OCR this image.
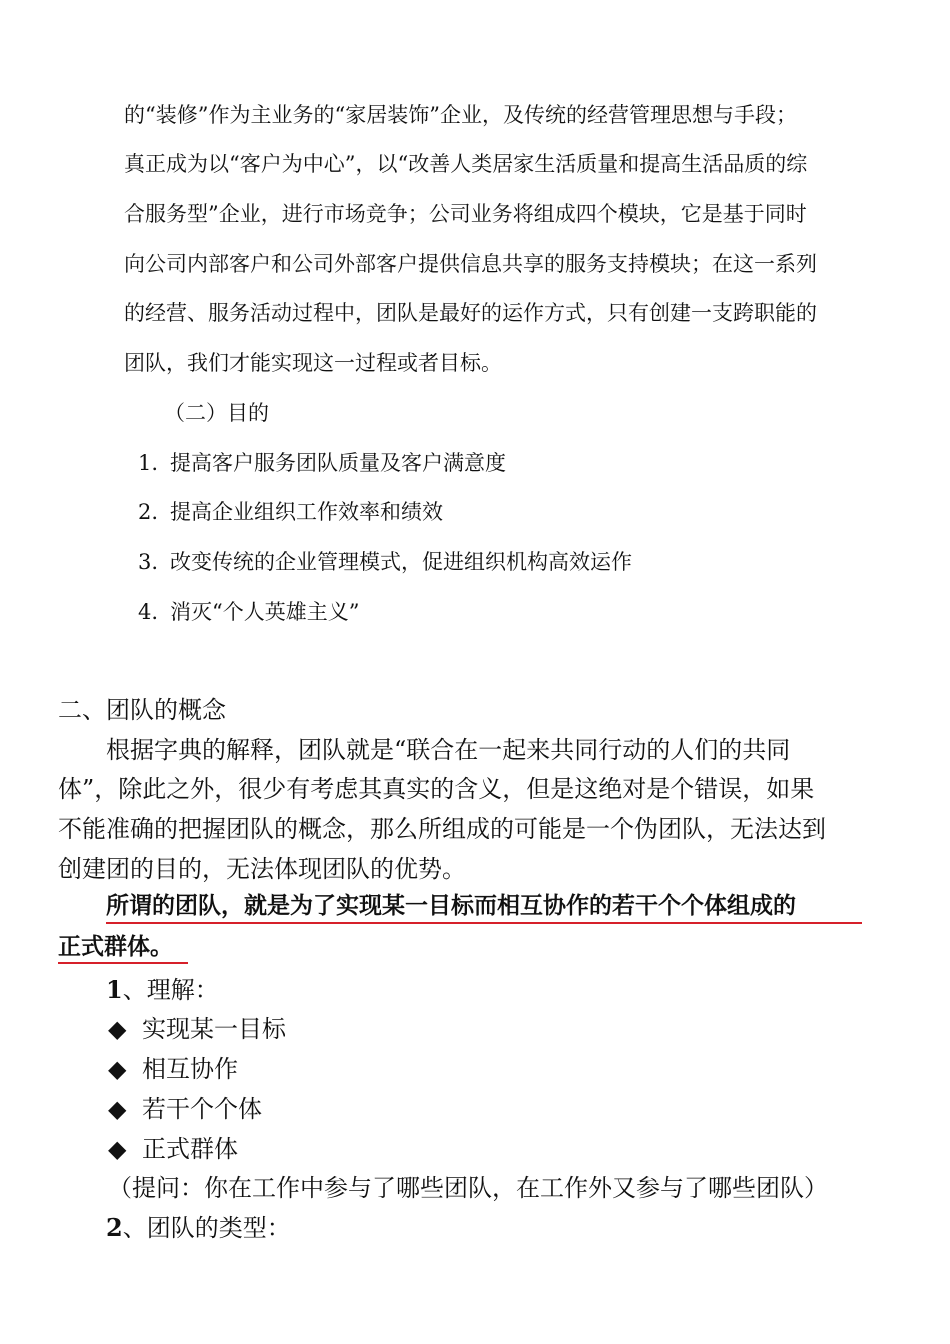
的“装修”作为主业务的“家居装饰”企业，及传统的经营管理思想与手段；
真正成为以“客户为中心”，以“改善人类居家生活质量和提高生活品质的综
合服务型”企业，进行市场竞争；公司业务将组成四个模块，它是基于同时
向公司内部客户和公司外部客户提供信息共享的服务支持模块；在这一系列
的经营、服务活动过程中，团队是最好的运作方式，只有创建一支跨职能的
团队，我们才能实现这一过程或者目标。
（二）目的
1. 提高客户服务团队质量及客户满意度
2. 提高企业组织工作效率和绩效
3. 改变传统的企业管理模式，促进组织机构高效运作
4. 消灭“个人英雄主义”
二、团队的概念
根据字典的解释，团队就是“联合在一起来共同行动的人们的共同
体”，除此之外，很少有考虑其真实的含义，但是这绝对是个错误，如果
不能准确的把握团队的概念，那么所组成的可能是一个伪团队，无法达到
创建团的目的，无法体现团队的优势。
所谓的团队，就是为了实现某一目标而相互协作的若干个个体组成的
正式群体。
1、理解：
◆ 实现某一目标
◆ 相互协作
◆ 若干个个体
◆ 正式群体
（提问：你在工作中参与了哪些团队，在工作外又参与了哪些团队）
2、团队的类型：
